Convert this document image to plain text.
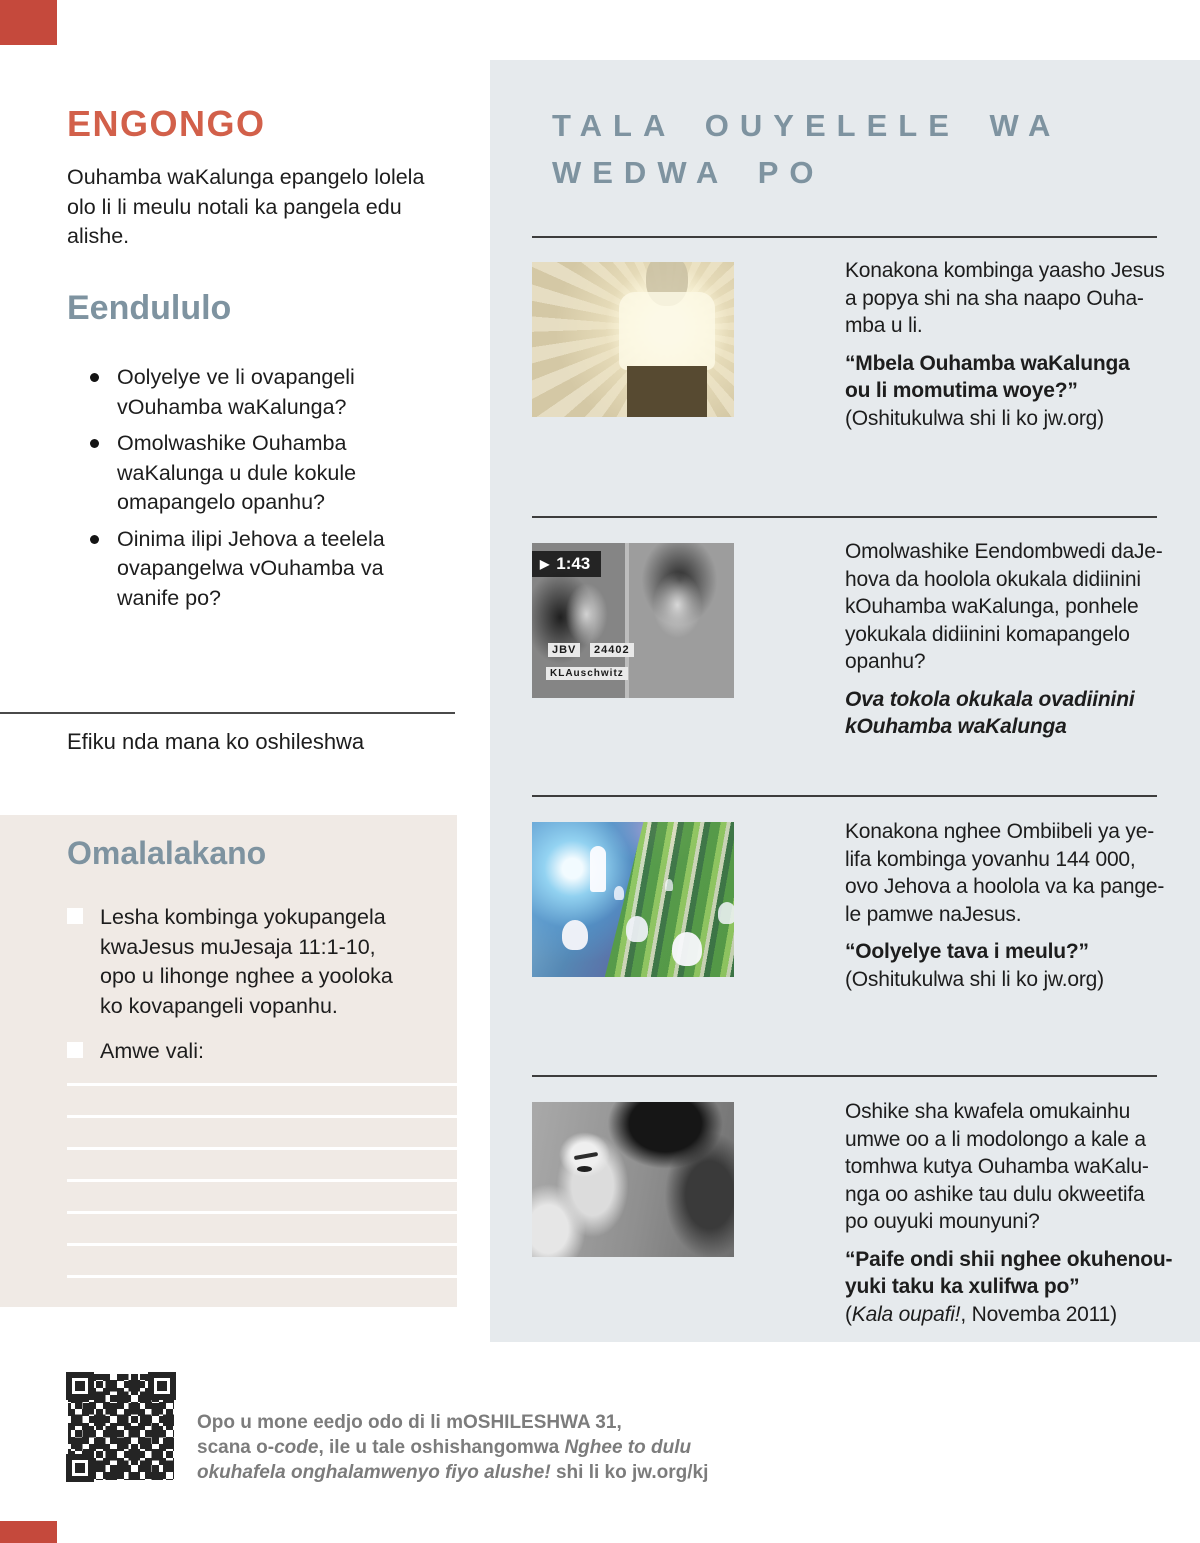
ENGONGO
Ouhamba waKalunga epangelo lolela
olo li li meulu notali ka pangela edu
alishe.
Eendululo
Oolyelye ve li ovapangeli
vOuhamba waKalunga?
Omolwashike Ouhamba
waKalunga u dule kokule
omapangelo opanhu?
Oinima ilipi Jehova a teelela
ovapangelwa vOuhamba va
wanife po?
Efiku nda mana ko oshileshwa
Omalalakano
Lesha kombinga yokupangela
kwaJesus muJesaja 11:1-10,
opo u lihonge nghee a yooloka
ko kovapangeli vopanhu.
Amwe vali:
TALA OUYELELE WA
WEDWA PO
Konakona kombinga yaasho Jesus
a popya shi na sha naapo Ouha-
mba u li.
“Mbela Ouhamba waKalunga
ou li momutima woye?”
(Oshitukulwa shi li ko jw.org)
▶ 1:43
JBV	24402
KLAuschwitz
Omolwashike Eendombwedi daJe-
hova da hoolola okukala didiinini
kOuhamba waKalunga, ponhele
yokukala didiinini komapangelo
opanhu?
Ova tokola okukala ovadiinini
kOuhamba waKalunga
Konakona nghee Ombiibeli ya ye-
lifa kombinga yovanhu 144 000,
ovo Jehova a hoolola va ka pange-
le pamwe naJesus.
“Oolyelye tava i meulu?”
(Oshitukulwa shi li ko jw.org)
Oshike sha kwafela omukainhu
umwe oo a li modolongo a kale a
tomhwa kutya Ouhamba waKalu-
nga oo ashike tau dulu okweetifa
po ouyuki mounyuni?
“Paife ondi shii nghee okuhenou-
yuki taku ka xulifwa po”
(Kala oupafi!, Novemba 2011)
Opo u mone eedjo odo di li mOSHILESHWA 31,
scana o-code, ile u tale oshishangomwa Nghee to dulu
okuhafela onghalamwenyo fiyo alushe! shi li ko jw.org/kj
